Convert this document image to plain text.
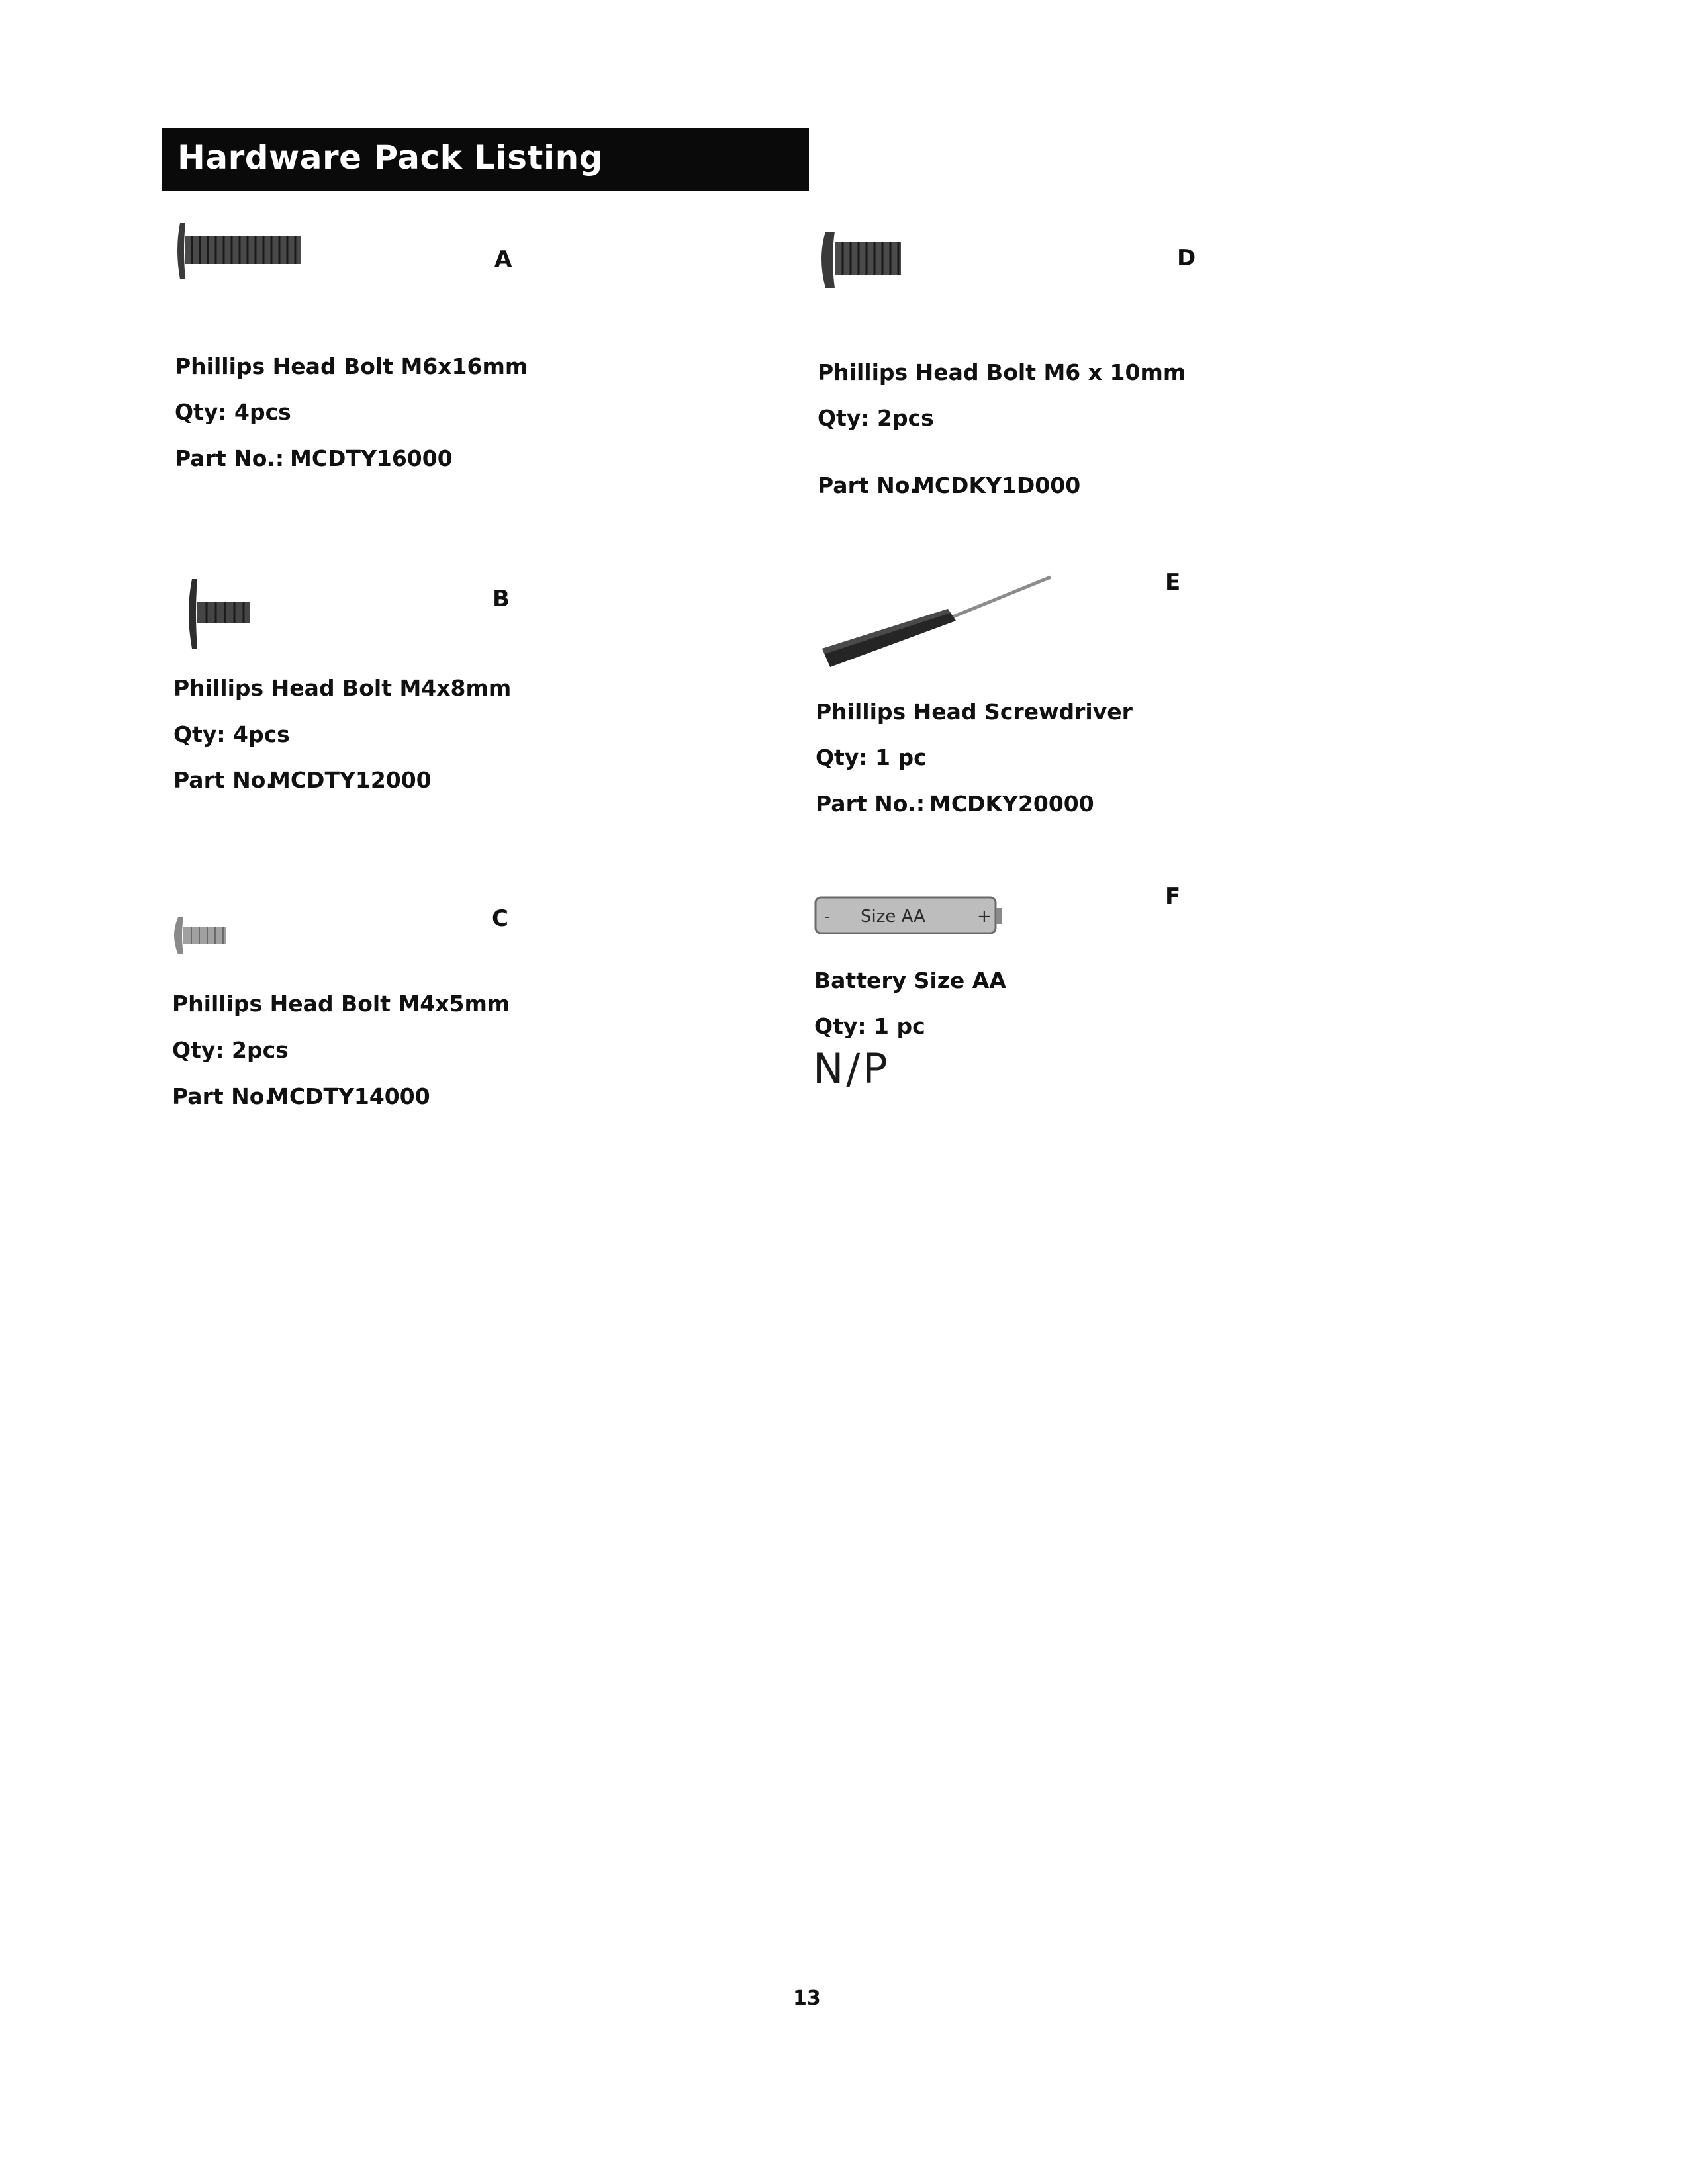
Hardware Pack Listing
A
Phillips Head Bolt M6x16mm
Qty: 4pcs
Part No.: MCDTY16000
B
Phillips Head Bolt M4x8mm
Qty: 4pcs
Part No.
MCDTY12000
C
Phillips Head Bolt M4x5mm
Qty: 2pcs
Part No.
MCDTY14000
D
Phillips Head Bolt M6 x 10mm
Qty: 2pcs
Part No.
MCDKY1D000
E
Phillips Head Screwdriver
Qty: 1 pc
Part No.: MCDKY20000
- Size AA	+
F
Battery Size AA
Qty: 1 pc
N/P
13
